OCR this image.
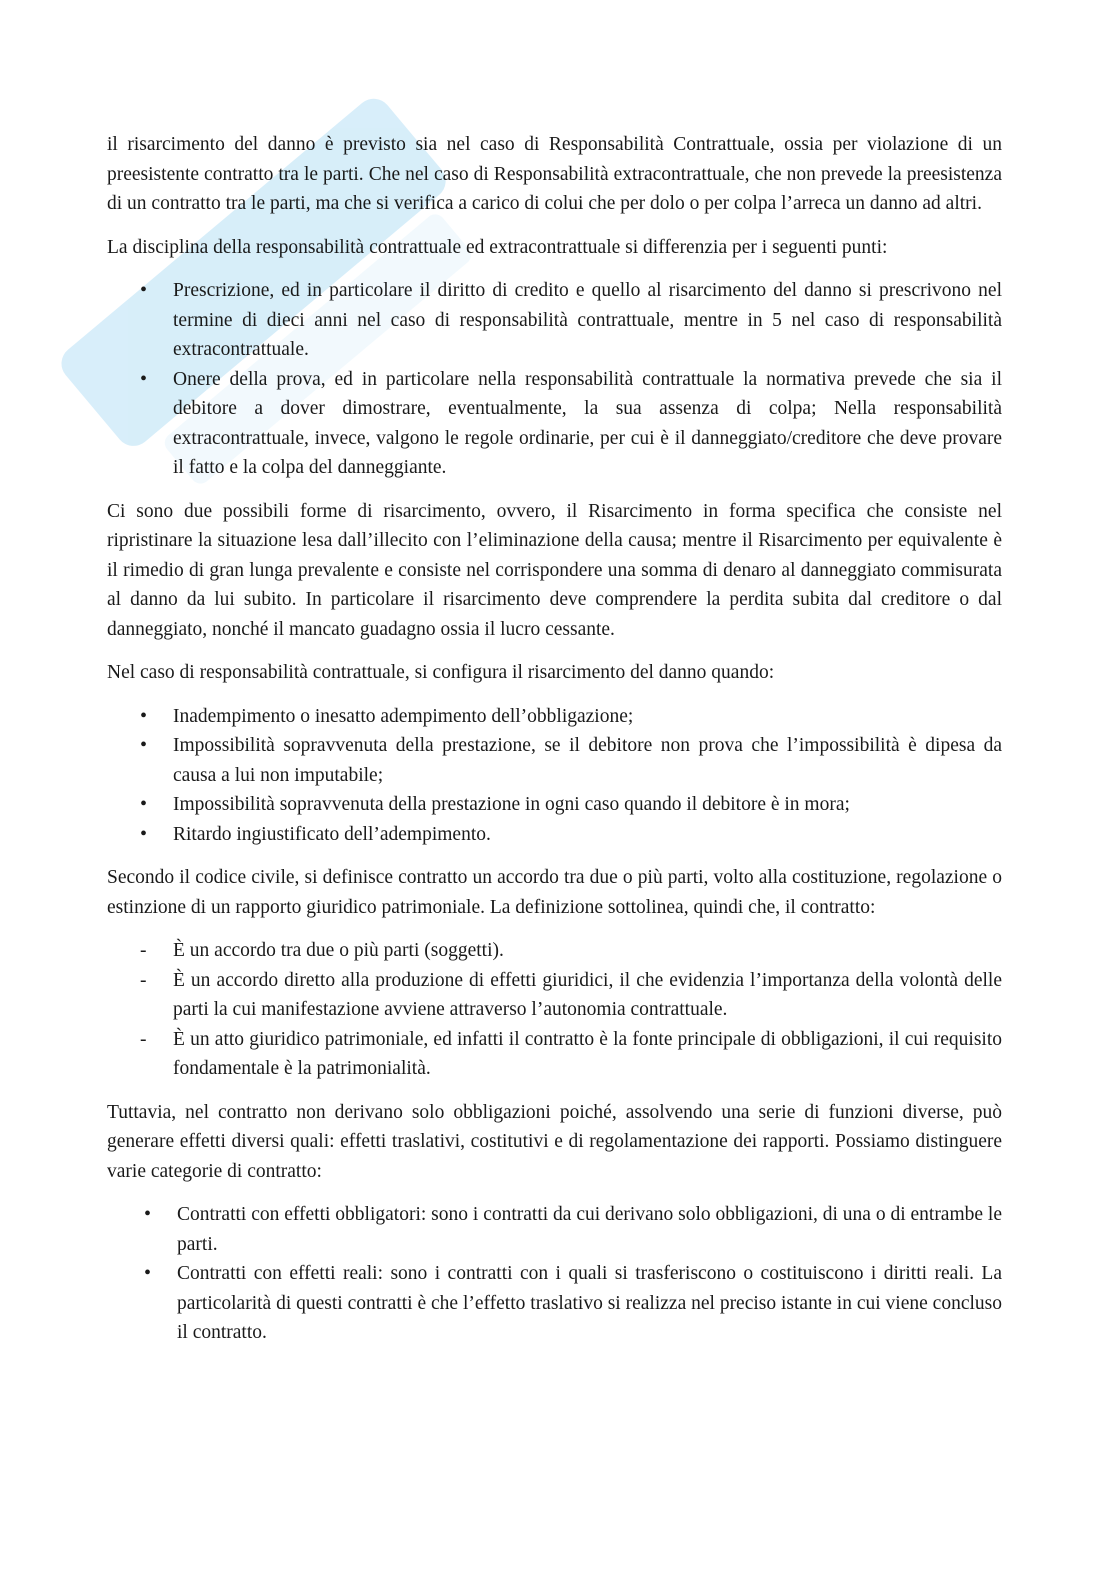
il risarcimento del danno è previsto sia nel caso di Responsabilità Contrattuale, ossia per violazione di un preesistente contratto tra le parti. Che nel caso di Responsabilità extracontrattuale, che non prevede la preesistenza di un contratto tra le parti, ma che si verifica a carico di colui che per dolo o per colpa l’arreca un danno ad altri.

La disciplina della responsabilità contrattuale ed extracontrattuale si differenzia per i seguenti punti:

• Prescrizione, ed in particolare il diritto di credito e quello al risarcimento del danno si prescrivono nel termine di dieci anni nel caso di responsabilità contrattuale, mentre in 5 nel caso di responsabilità extracontrattuale.
• Onere della prova, ed in particolare nella responsabilità contrattuale la normativa prevede che sia il debitore a dover dimostrare, eventualmente, la sua assenza di colpa; Nella responsabilità extracontrattuale, invece, valgono le regole ordinarie, per cui è il danneggiato/creditore che deve provare il fatto e la colpa del danneggiante.

Ci sono due possibili forme di risarcimento, ovvero, il Risarcimento in forma specifica che consiste nel ripristinare la situazione lesa dall’illecito con l’eliminazione della causa; mentre il Risarcimento per equivalente è il rimedio di gran lunga prevalente e consiste nel corrispondere una somma di denaro al danneggiato commisurata al danno da lui subito. In particolare il risarcimento deve comprendere la perdita subita dal creditore o dal danneggiato, nonché il mancato guadagno ossia il lucro cessante.

Nel caso di responsabilità contrattuale, si configura il risarcimento del danno quando:

• Inadempimento o inesatto adempimento dell’obbligazione;
• Impossibilità sopravvenuta della prestazione, se il debitore non prova che l’impossibilità è dipesa da causa a lui non imputabile;
• Impossibilità sopravvenuta della prestazione in ogni caso quando il debitore è in mora;
• Ritardo ingiustificato dell’adempimento.

Secondo il codice civile, si definisce contratto un accordo tra due o più parti, volto alla costituzione, regolazione o estinzione di un rapporto giuridico patrimoniale. La definizione sottolinea, quindi che, il contratto:

- È un accordo tra due o più parti (soggetti).
- È un accordo diretto alla produzione di effetti giuridici, il che evidenzia l’importanza della volontà delle parti la cui manifestazione avviene attraverso l’autonomia contrattuale.
- È un atto giuridico patrimoniale, ed infatti il contratto è la fonte principale di obbligazioni, il cui requisito fondamentale è la patrimonialità.

Tuttavia, nel contratto non derivano solo obbligazioni poiché, assolvendo una serie di funzioni diverse, può generare effetti diversi quali: effetti traslativi, costitutivi e di regolamentazione dei rapporti. Possiamo distinguere varie categorie di contratto:

• Contratti con effetti obbligatori: sono i contratti da cui derivano solo obbligazioni, di una o di entrambe le parti.
• Contratti con effetti reali: sono i contratti con i quali si trasferiscono o costituiscono i diritti reali. La particolarità di questi contratti è che l’effetto traslativo si realizza nel preciso istante in cui viene concluso il contratto.
